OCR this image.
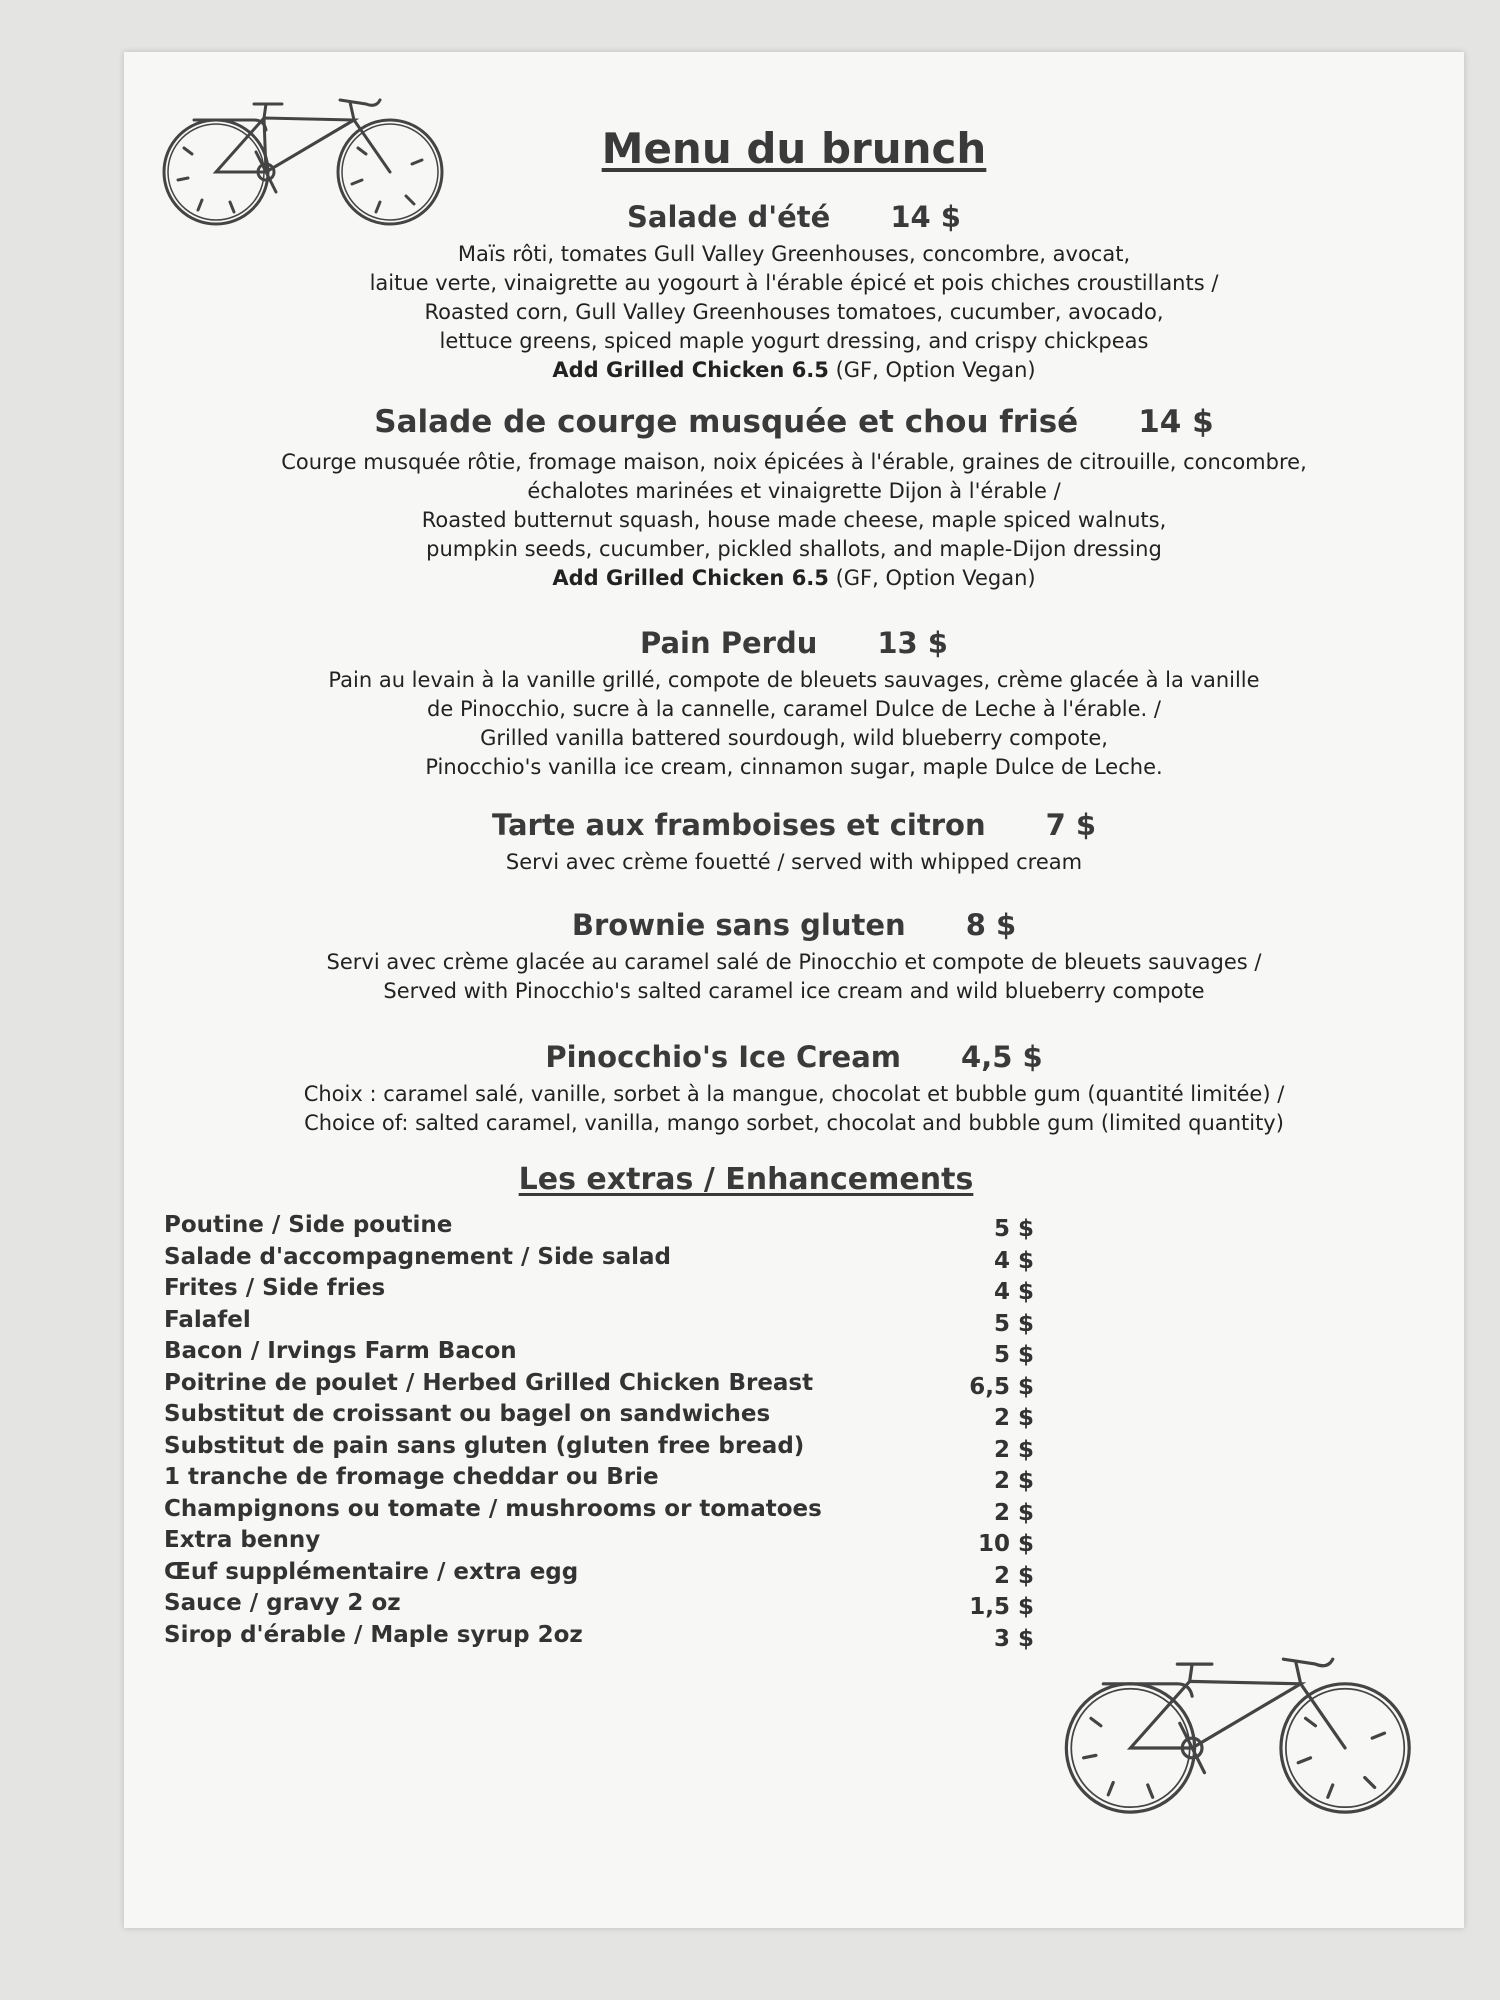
Menu du brunch
Salade d'été 14 $
Maïs rôti, tomates Gull Valley Greenhouses, concombre, avocat,
laitue verte, vinaigrette au yogourt à l'érable épicé et pois chiches croustillants /
Roasted corn, Gull Valley Greenhouses tomatoes, cucumber, avocado,
lettuce greens, spiced maple yogurt dressing, and crispy chickpeas
Add Grilled Chicken 6.5 (GF, Option Vegan)
Salade de courge musquée et chou frisé 14 $
Courge musquée rôtie, fromage maison, noix épicées à l'érable, graines de citrouille, concombre,
échalotes marinées et vinaigrette Dijon à l'érable /
Roasted butternut squash, house made cheese, maple spiced walnuts,
pumpkin seeds, cucumber, pickled shallots, and maple-Dijon dressing
Add Grilled Chicken 6.5 (GF, Option Vegan)
Pain Perdu 13 $
Pain au levain à la vanille grillé, compote de bleuets sauvages, crème glacée à la vanille
de Pinocchio, sucre à la cannelle, caramel Dulce de Leche à l'érable. /
Grilled vanilla battered sourdough, wild blueberry compote,
Pinocchio's vanilla ice cream, cinnamon sugar, maple Dulce de Leche.
Tarte aux framboises et citron 7 $
Servi avec crème fouetté / served with whipped cream
Brownie sans gluten 8 $
Servi avec crème glacée au caramel salé de Pinocchio et compote de bleuets sauvages /
Served with Pinocchio's salted caramel ice cream and wild blueberry compote
Pinocchio's Ice Cream 4,5 $
Choix : caramel salé, vanille, sorbet à la mangue, chocolat et bubble gum (quantité limitée) /
Choice of: salted caramel, vanilla, mango sorbet, chocolat and bubble gum (limited quantity)
Les extras / Enhancements
Poutine / Side poutine	5 $
Salade d'accompagnement / Side salad	4 $
Frites / Side fries	4 $
Falafel	5 $
Bacon / Irvings Farm Bacon	5 $
Poitrine de poulet / Herbed Grilled Chicken Breast	6,5 $
Substitut de croissant ou bagel on sandwiches	2 $
Substitut de pain sans gluten (gluten free bread)	2 $
1 tranche de fromage cheddar ou Brie	2 $
Champignons ou tomate / mushrooms or tomatoes	2 $
Extra benny	10 $
Œuf supplémentaire / extra egg	2 $
Sauce / gravy 2 oz	1,5 $
Sirop d'érable / Maple syrup 2oz	3 $
